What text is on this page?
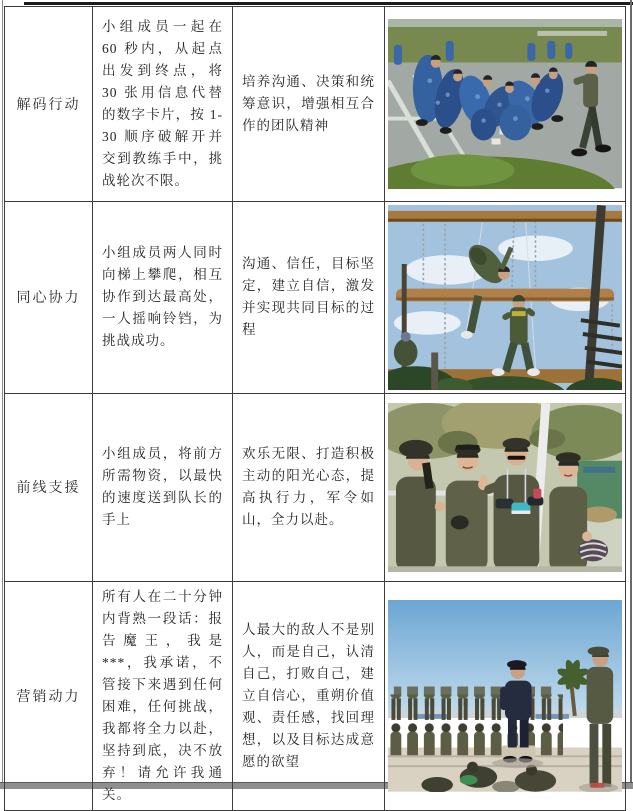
解码行动	小组成员一起在 60 秒内，从起点出发到终点，将 30 张用信息代替的数字卡片，按 1-30 顺序破解开并交到教练手中，挑战轮次不限。	培养沟通、决策和统筹意识，增强相互合作的团队精神	

同心协力	小组成员两人同时向梯上攀爬，相互协作到达最高处，一人摇响铃铛，为挑战成功。	沟通、信任，目标坚定，建立自信，激发并实现共同目标的过程	

前线支援	小组成员，将前方所需物资，以最快的速度送到队长的手上	欢乐无限、打造积极主动的阳光心态，提高执行力，军令如山，全力以赴。	

营销动力	所有人在二十分钟内背熟一段话：报告魔王，我是***，我承诺，不管接下来遇到任何困难，任何挑战，我都将全力以赴，坚持到底，决不放弃！请允许我通关。	人最大的敌人不是别人，而是自己，认清自己，打败自己，建立自信心，重朔价值观、责任感，找回理想，以及目标达成意愿的欲望	
